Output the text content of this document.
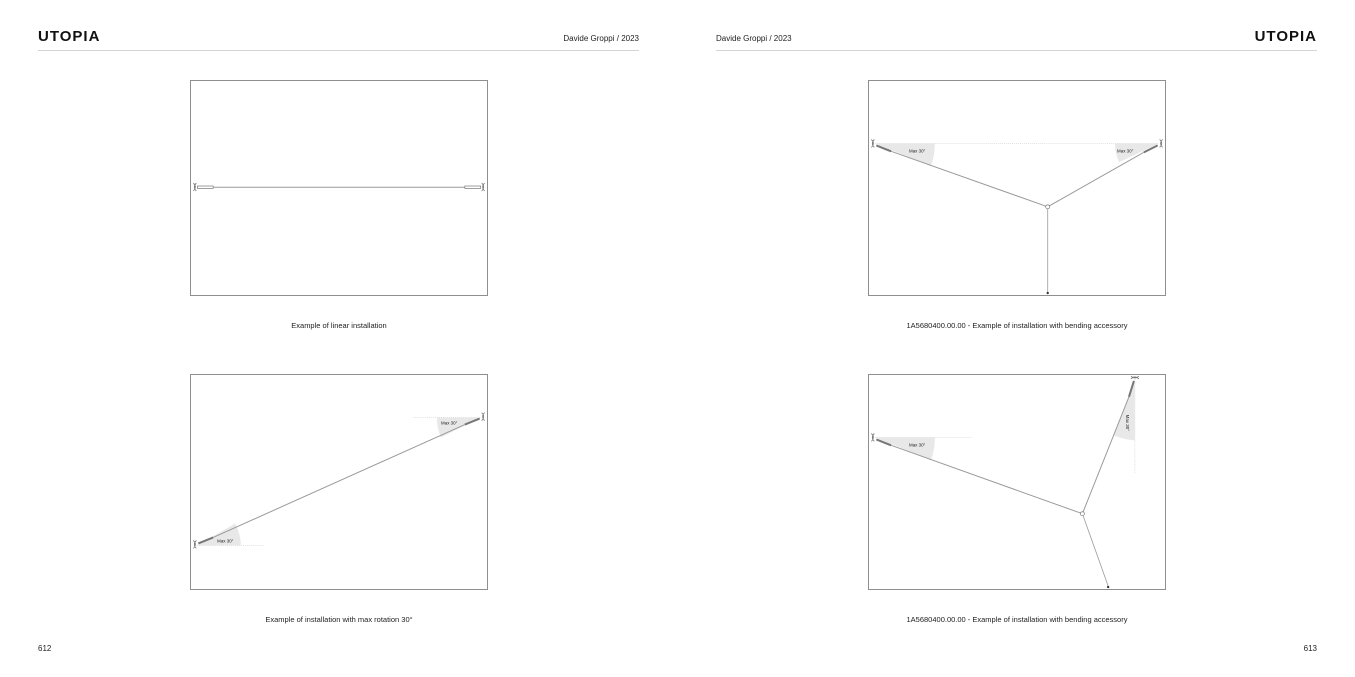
UTOPIA	Davide Groppi / 2023
Example of linear installation
Max 30°
Max 30°
Example of installation with max rotation 30°
612
Davide Groppi / 2023	UTOPIA
Max 30°	Max 30°
1A5680400.00.00 - Example of installation with bending accessory
Max 30°
Max 30°
1A5680400.00.00 - Example of installation with bending accessory
613
